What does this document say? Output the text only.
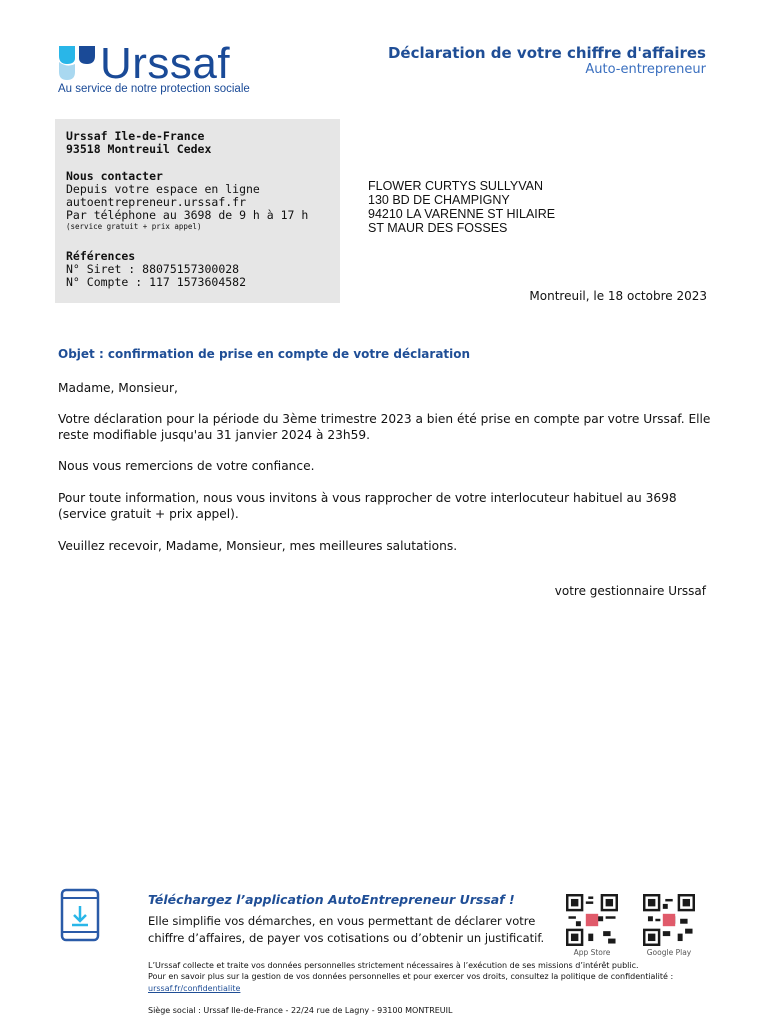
Urssaf
Au service de notre protection sociale
Déclaration de votre chiffre d'affaires
Auto-entrepreneur
Urssaf Ile-de-France
93518 Montreuil Cedex
Nous contacter
Depuis votre espace en ligne
autoentrepreneur.urssaf.fr
Par téléphone au 3698 de 9 h à 17 h
(service gratuit + prix appel)
Références
N° Siret : 88075157300028
N° Compte : 117 1573604582
FLOWER CURTYS SULLYVAN
130 BD DE CHAMPIGNY
94210 LA VARENNE ST HILAIRE
ST MAUR DES FOSSES
Montreuil, le 18 octobre 2023
Objet : confirmation de prise en compte de votre déclaration
Madame, Monsieur,
Votre déclaration pour la période du 3ème trimestre 2023 a bien été prise en compte par votre Urssaf. Elle reste modifiable jusqu'au 31 janvier 2024 à 23h59.
Nous vous remercions de votre confiance.
Pour toute information, nous vous invitons à vous rapprocher de votre interlocuteur habituel au 3698 (service gratuit + prix appel).
Veuillez recevoir, Madame, Monsieur, mes meilleures salutations.
votre gestionnaire Urssaf
Téléchargez l’application AutoEntrepreneur Urssaf !
Elle simplifie vos démarches, en vous permettant de déclarer votre
chiffre d’affaires, de payer vos cotisations ou d’obtenir un justificatif.
App Store	Google Play
L’Urssaf collecte et traite vos données personnelles strictement nécessaires à l’exécution de ses missions d’intérêt public.
Pour en savoir plus sur la gestion de vos données personnelles et pour exercer vos droits, consultez la politique de confidentialité :
urssaf.fr/confidentialite
Siège social : Urssaf Ile-de-France - 22/24 rue de Lagny - 93100 MONTREUIL
